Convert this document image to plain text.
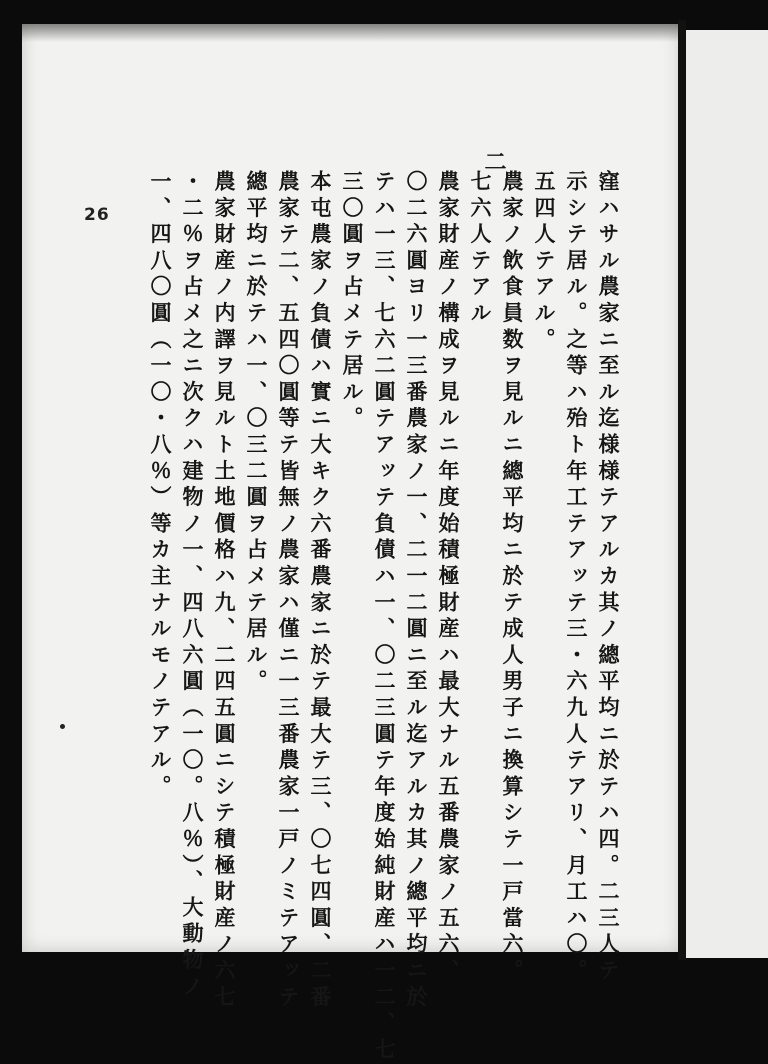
二
窪ハサル農家ニ至ル迄様様テアルカ其ノ總平均ニ於テハ四。二三人テ
示シテ居ル。之等ハ殆ト年工テアッテ三・六九人テアリ、月工ハ〇。
五四人テアル。
農家ノ飲食員数ヲ見ルニ總平均ニ於テ成人男子ニ換算シテ一戸當六。
七六人テアル
農家財産ノ構成ヲ見ルニ年度始積極財産ハ最大ナル五番農家ノ五六、
〇二六圓ヨリ一三番農家ノ一、二一二圓ニ至ル迄アルカ其ノ總平均ニ於
テハ一三、七六二圓テアッテ負債ハ一、〇二三圓テ年度始純財産ハ一二、七
三〇圓ヲ占メテ居ル。
本屯農家ノ負債ハ實ニ大キク六番農家ニ於テ最大テ三、〇七四圓、二番
農家テ二、五四〇圓等テ皆無ノ農家ハ僅ニ一三番農家一戸ノミテアッテ
總平均ニ於テハ一、〇三二圓ヲ占メテ居ル。
農家財産ノ内譯ヲ見ルト土地價格ハ九、二四五圓ニシテ積極財産ノ六七
・二％ヲ占メ之ニ次クハ建物ノ一、四八六圓（一〇。八％）、大動物ノ
一、四八〇圓（一〇・八％）等カ主ナルモノテアル。
26
